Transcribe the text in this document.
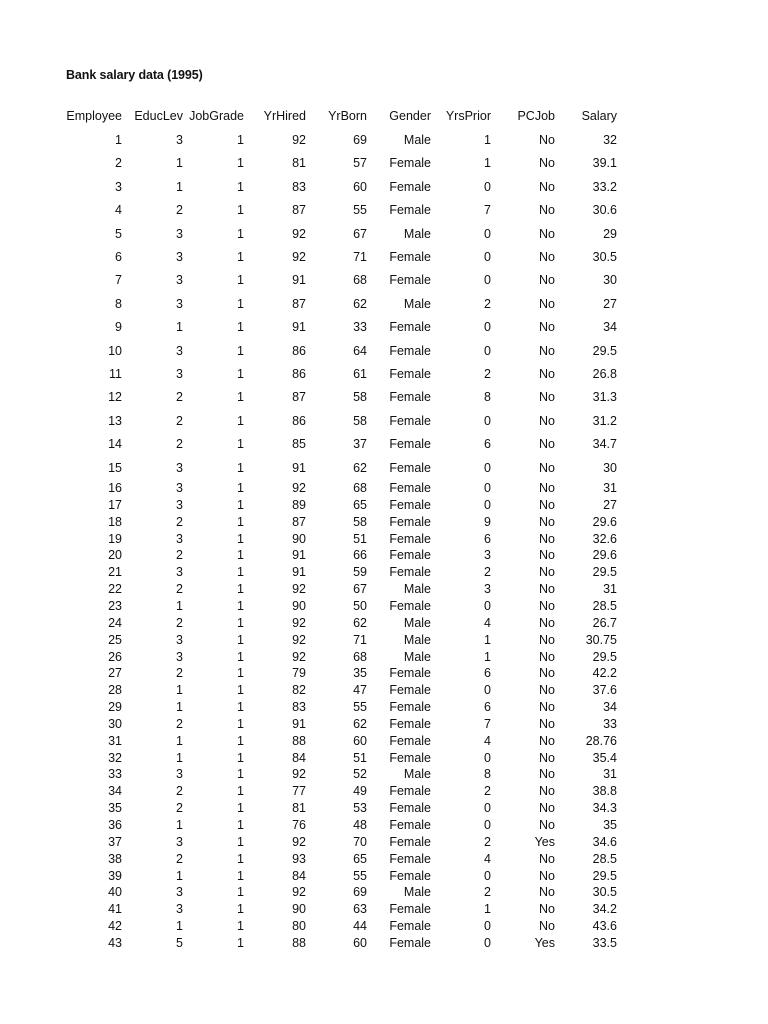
Bank salary data (1995)
Employee EducLev JobGrade YrHired YrBorn Gender YrsPrior PCJob Salary
1	3	1	92	69	Male	1	No	32
2	1	1	81	57 Female	1	No	39.1
3	1	1	83	60 Female	0	No	33.2
4	2	1	87	55 Female	7	No	30.6
5	3	1	92	67	Male	0	No	29
6	3	1	92	71 Female	0	No	30.5
7	3	1	91	68 Female	0	No	30
8	3	1	87	62	Male	2	No	27
9	1	1	91	33 Female	0	No	34
10	3	1	86	64 Female	0	No	29.5
11	3	1	86	61 Female	2	No	26.8
12	2	1	87	58 Female	8	No	31.3
13	2	1	86	58 Female	0	No	31.2
14	2	1	85	37 Female	6	No	34.7
15	3	1	91	62 Female	0	No	30
16	3	1	92	68 Female	0	No	31
17	3	1	89	65 Female	0	No	27
18	2	1	87	58 Female	9	No	29.6
19	3	1	90	51 Female	6	No	32.6
20	2	1	91	66 Female	3	No	29.6
21	3	1	91	59 Female	2	No	29.5
22	2	1	92	67	Male	3	No	31
23	1	1	90	50 Female	0	No	28.5
24	2	1	92	62	Male	4	No	26.7
25	3	1	92	71	Male	1	No 30.75
26	3	1	92	68	Male	1	No	29.5
27	2	1	79	35 Female	6	No	42.2
28	1	1	82	47 Female	0	No	37.6
29	1	1	83	55 Female	6	No	34
30	2	1	91	62 Female	7	No	33
31	1	1	88	60 Female	4	No 28.76
32	1	1	84	51 Female	0	No	35.4
33	3	1	92	52	Male	8	No	31
34	2	1	77	49 Female	2	No	38.8
35	2	1	81	53 Female	0	No	34.3
36	1	1	76	48 Female	0	No	35
37	3	1	92	70 Female	2	Yes	34.6
38	2	1	93	65 Female	4	No	28.5
39	1	1	84	55 Female	0	No	29.5
40	3	1	92	69	Male	2	No	30.5
41	3	1	90	63 Female	1	No	34.2
42	1	1	80	44 Female	0	No	43.6
43	5	1	88	60 Female	0	Yes	33.5
